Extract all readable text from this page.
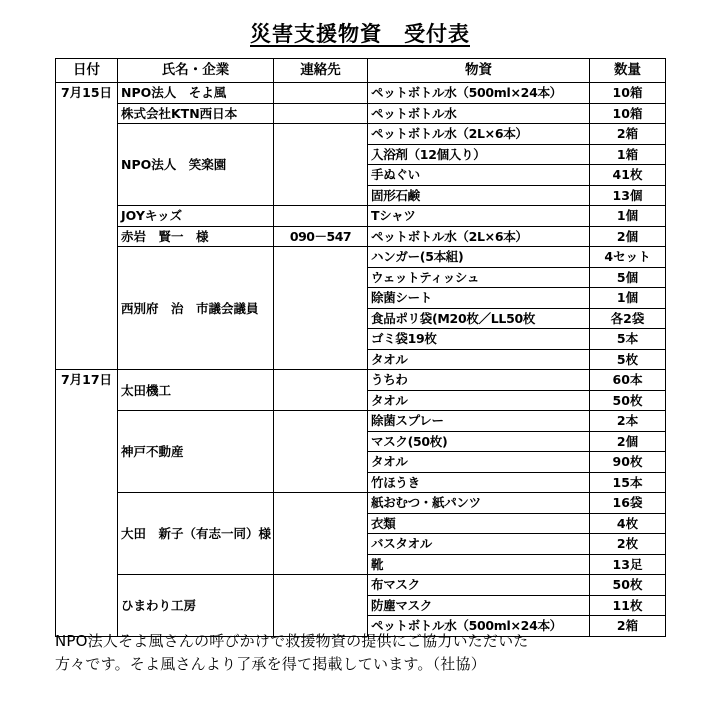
災害支援物資　受付表
日付	氏名・企業	連絡先	物資	数量
7月15日	NPO法人　そよ風		ペットボトル水（500ml×24本）	10箱
	株式会社KTN西日本		ペットボトル水	10箱
	NPO法人　笑楽園		ペットボトル水（2L×6本）	2箱
			入浴剤（12個入り）	1箱
			手ぬぐい	41枚
			固形石鹸	13個
	JOYキッズ		Tシャツ	1個
	赤岩　賢一　様	090－547	ペットボトル水（2L×6本）	2個
	西別府　治　市議会議員		ハンガー(5本組)	4セット
			ウェットティッシュ	5個
			除菌シート	1個
			食品ポリ袋(M20枚／LL50枚	各2袋
			ゴミ袋19枚	5本
			タオル	5枚
7月17日	太田機工		うちわ	60本
			タオル	50枚
	神戸不動産		除菌スプレー	2本
			マスク(50枚)	2個
			タオル	90枚
			竹ほうき	15本
	大田　新子（有志一同）様		紙おむつ・紙パンツ	16袋
			衣類	4枚
			バスタオル	2枚
			靴	13足
	ひまわり工房		布マスク	50枚
			防塵マスク	11枚
			ペットボトル水（500ml×24本）	2箱
NPO法人そよ風さんの呼びかけで救援物資の提供にご協力いただいた
方々です。そよ風さんより了承を得て掲載しています。（社協）
